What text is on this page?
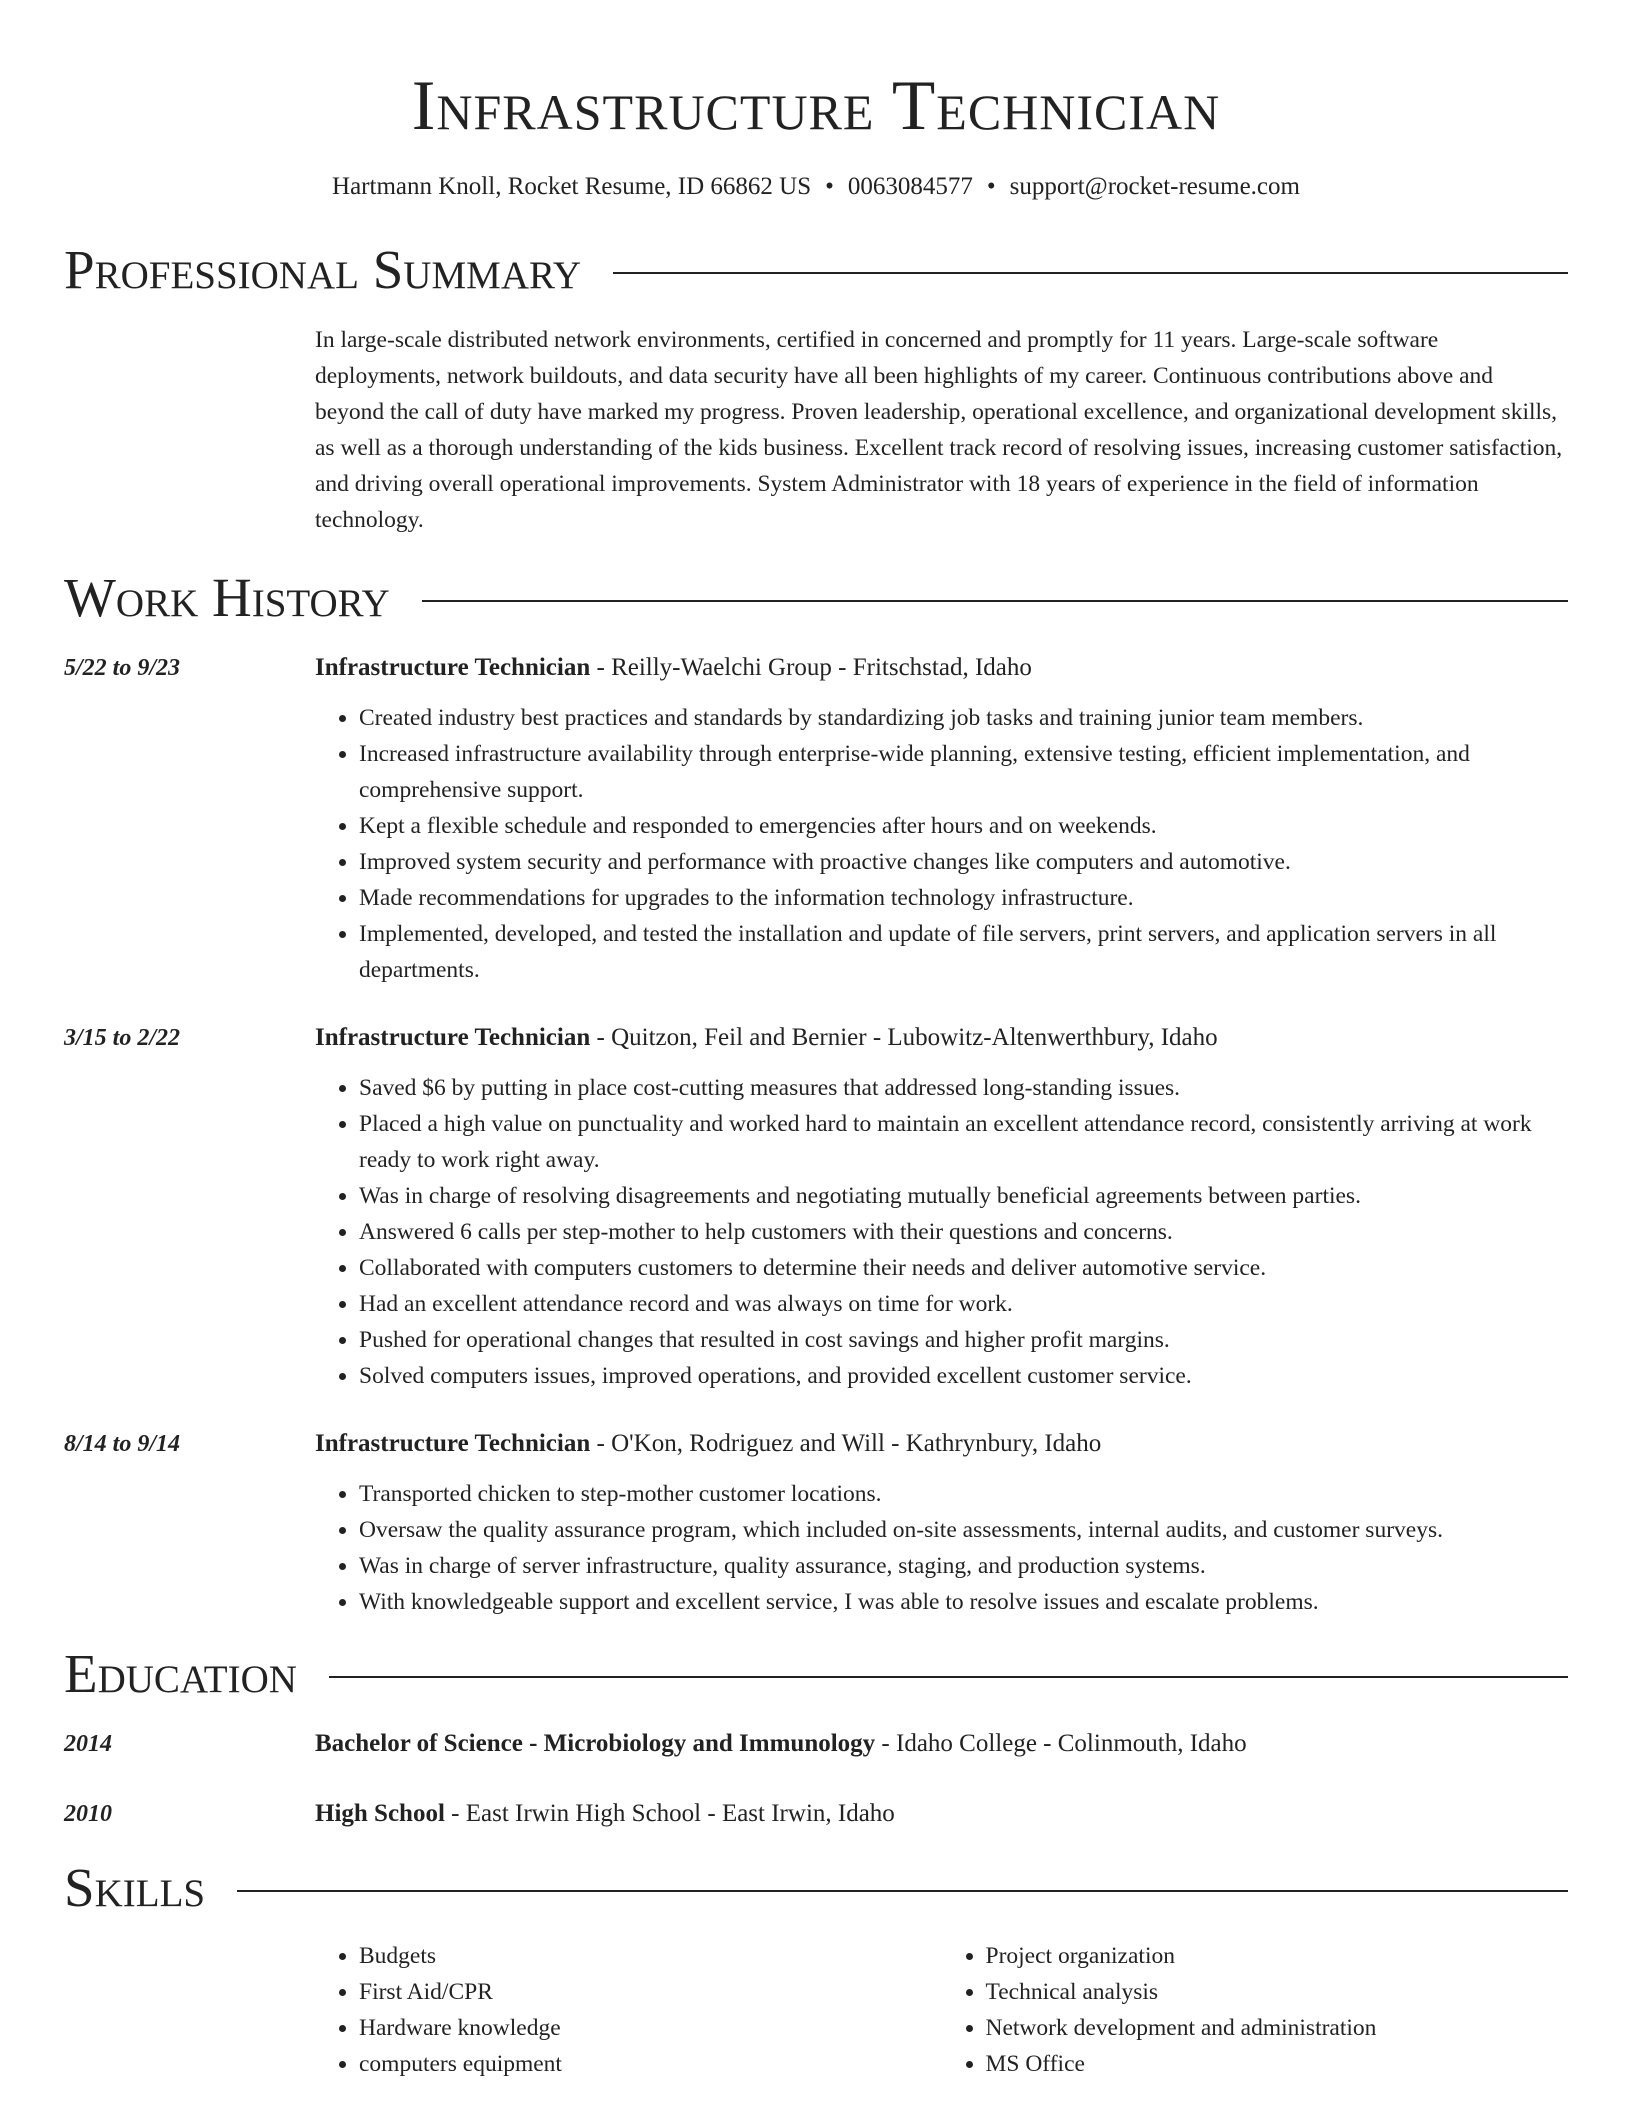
Infrastructure Technician
Hartmann Knoll, Rocket Resume, ID 66862 US • 0063084577 • support@rocket-resume.com
Professional Summary
In large-scale distributed network environments, certified in concerned and promptly for 11 years. Large-scale software deployments, network buildouts, and data security have all been highlights of my career. Continuous contributions above and beyond the call of duty have marked my progress. Proven leadership, operational excellence, and organizational development skills, as well as a thorough understanding of the kids business. Excellent track record of resolving issues, increasing customer satisfaction, and driving overall operational improvements. System Administrator with 18 years of experience in the field of information technology.
Work History
5/22 to 9/23	Infrastructure Technician - Reilly-Waelchi Group - Fritschstad, Idaho
• Created industry best practices and standards by standardizing job tasks and training junior team members.
• Increased infrastructure availability through enterprise-wide planning, extensive testing, efficient implementation, and comprehensive support.
• Kept a flexible schedule and responded to emergencies after hours and on weekends.
• Improved system security and performance with proactive changes like computers and automotive.
• Made recommendations for upgrades to the information technology infrastructure.
• Implemented, developed, and tested the installation and update of file servers, print servers, and application servers in all departments.
3/15 to 2/22	Infrastructure Technician - Quitzon, Feil and Bernier - Lubowitz-Altenwerthbury, Idaho
• Saved $6 by putting in place cost-cutting measures that addressed long-standing issues.
• Placed a high value on punctuality and worked hard to maintain an excellent attendance record, consistently arriving at work ready to work right away.
• Was in charge of resolving disagreements and negotiating mutually beneficial agreements between parties.
• Answered 6 calls per step-mother to help customers with their questions and concerns.
• Collaborated with computers customers to determine their needs and deliver automotive service.
• Had an excellent attendance record and was always on time for work.
• Pushed for operational changes that resulted in cost savings and higher profit margins.
• Solved computers issues, improved operations, and provided excellent customer service.
8/14 to 9/14	Infrastructure Technician - O'Kon, Rodriguez and Will - Kathrynbury, Idaho
• Transported chicken to step-mother customer locations.
• Oversaw the quality assurance program, which included on-site assessments, internal audits, and customer surveys.
• Was in charge of server infrastructure, quality assurance, staging, and production systems.
• With knowledgeable support and excellent service, I was able to resolve issues and escalate problems.
Education
2014	Bachelor of Science - Microbiology and Immunology - Idaho College - Colinmouth, Idaho
2010	High School - East Irwin High School - East Irwin, Idaho
Skills
• Budgets
• First Aid/CPR
• Hardware knowledge
• computers equipment
• Project organization
• Technical analysis
• Network development and administration
• MS Office
